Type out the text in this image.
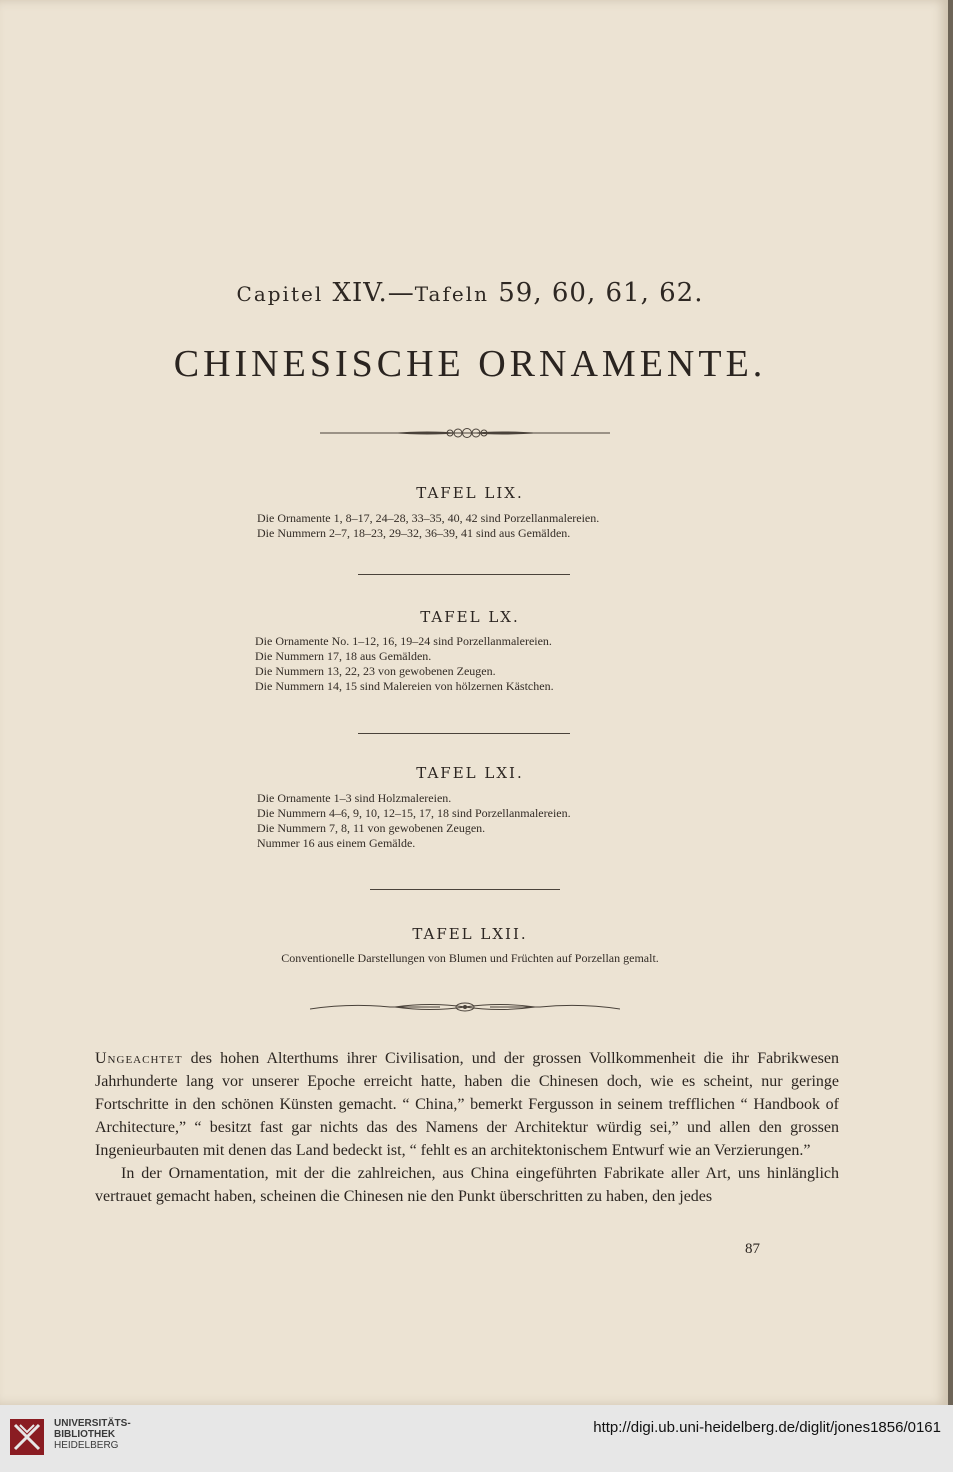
Capitel XIV.—Tafeln 59, 60, 61, 62.
CHINESISCHE ORNAMENTE.
TAFEL LIX.
Die Ornamente 1, 8–17, 24–28, 33–35, 40, 42 sind Porzellanmalereien.
Die Nummern 2–7, 18–23, 29–32, 36–39, 41 sind aus Gemälden.
TAFEL LX.
Die Ornamente No. 1–12, 16, 19–24 sind Porzellanmalereien.
Die Nummern 17, 18 aus Gemälden.
Die Nummern 13, 22, 23 von gewobenen Zeugen.
Die Nummern 14, 15 sind Malereien von hölzernen Kästchen.
TAFEL LXI.
Die Ornamente 1–3 sind Holzmalereien.
Die Nummern 4–6, 9, 10, 12–15, 17, 18 sind Porzellanmalereien.
Die Nummern 7, 8, 11 von gewobenen Zeugen.
Nummer 16 aus einem Gemälde.
TAFEL LXII.
Conventionelle Darstellungen von Blumen und Früchten auf Porzellan gemalt.

Ungeachtet des hohen Alterthums ihrer Civilisation, und der grossen Vollkommenheit die ihr Fabrikwesen Jahrhunderte lang vor unserer Epoche erreicht hatte, haben die Chinesen doch, wie es scheint, nur geringe Fortschritte in den schönen Künsten gemacht. “ China,” bemerkt Fergusson in seinem trefflichen “ Handbook of Architecture,” “ besitzt fast gar nichts das des Namens der Architektur würdig sei,” und allen den grossen Ingenieurbauten mit denen das Land bedeckt ist, “ fehlt es an architektonischem Entwurf wie an Verzierungen.”

In der Ornamentation, mit der die zahlreichen, aus China eingeführten Fabrikate aller Art, uns hinlänglich vertrauet gemacht haben, scheinen die Chinesen nie den Punkt überschritten zu haben, den jedes

87
UNIVERSITÄTS-
BIBLIOTHEK
HEIDELBERG
http://digi.ub.uni-heidelberg.de/diglit/jones1856/0161
